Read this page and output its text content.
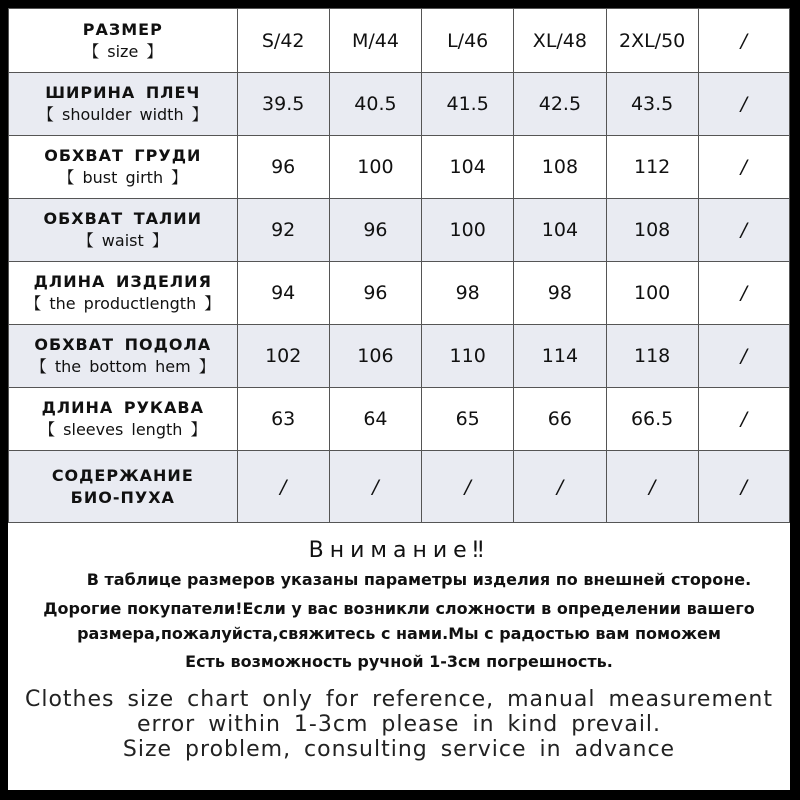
РАЗМЕР
【 size 】	S/42	M/44	L/46	XL/48	2XL/50	/

ШИРИНА ПЛЕЧ
【 shoulder width 】	39.5	40.5	41.5	42.5	43.5	/

ОБХВАТ ГРУДИ
【 bust girth 】	96	100	104	108	112	/

ОБХВАТ ТАЛИИ
【 waist 】	92	96	100	104	108	/

ДЛИНА ИЗДЕЛИЯ
【 the productlength 】	94	96	98	98	100	/

ОБХВАТ ПОДОЛА
【 the bottom hem 】	102	106	110	114	118	/

ДЛИНА РУКАВА
【 sleeves length 】	63	64	65	66	66.5	/

СОДЕРЖАНИЕ
БИО-ПУХА	/	/	/	/	/	/
Внимание‼
В таблице размеров указаны параметры изделия по внешней стороне.
Дорогие покупатели!Если у вас возникли сложности в определении вашего
размера,пожалуйста,свяжитесь с нами.Мы с радостью вам поможем
Есть возможность ручной 1-3см погрешность.
Clothes size chart only for reference, manual measurement
error within 1-3cm please in kind prevail.
Size problem, consulting service in advance
